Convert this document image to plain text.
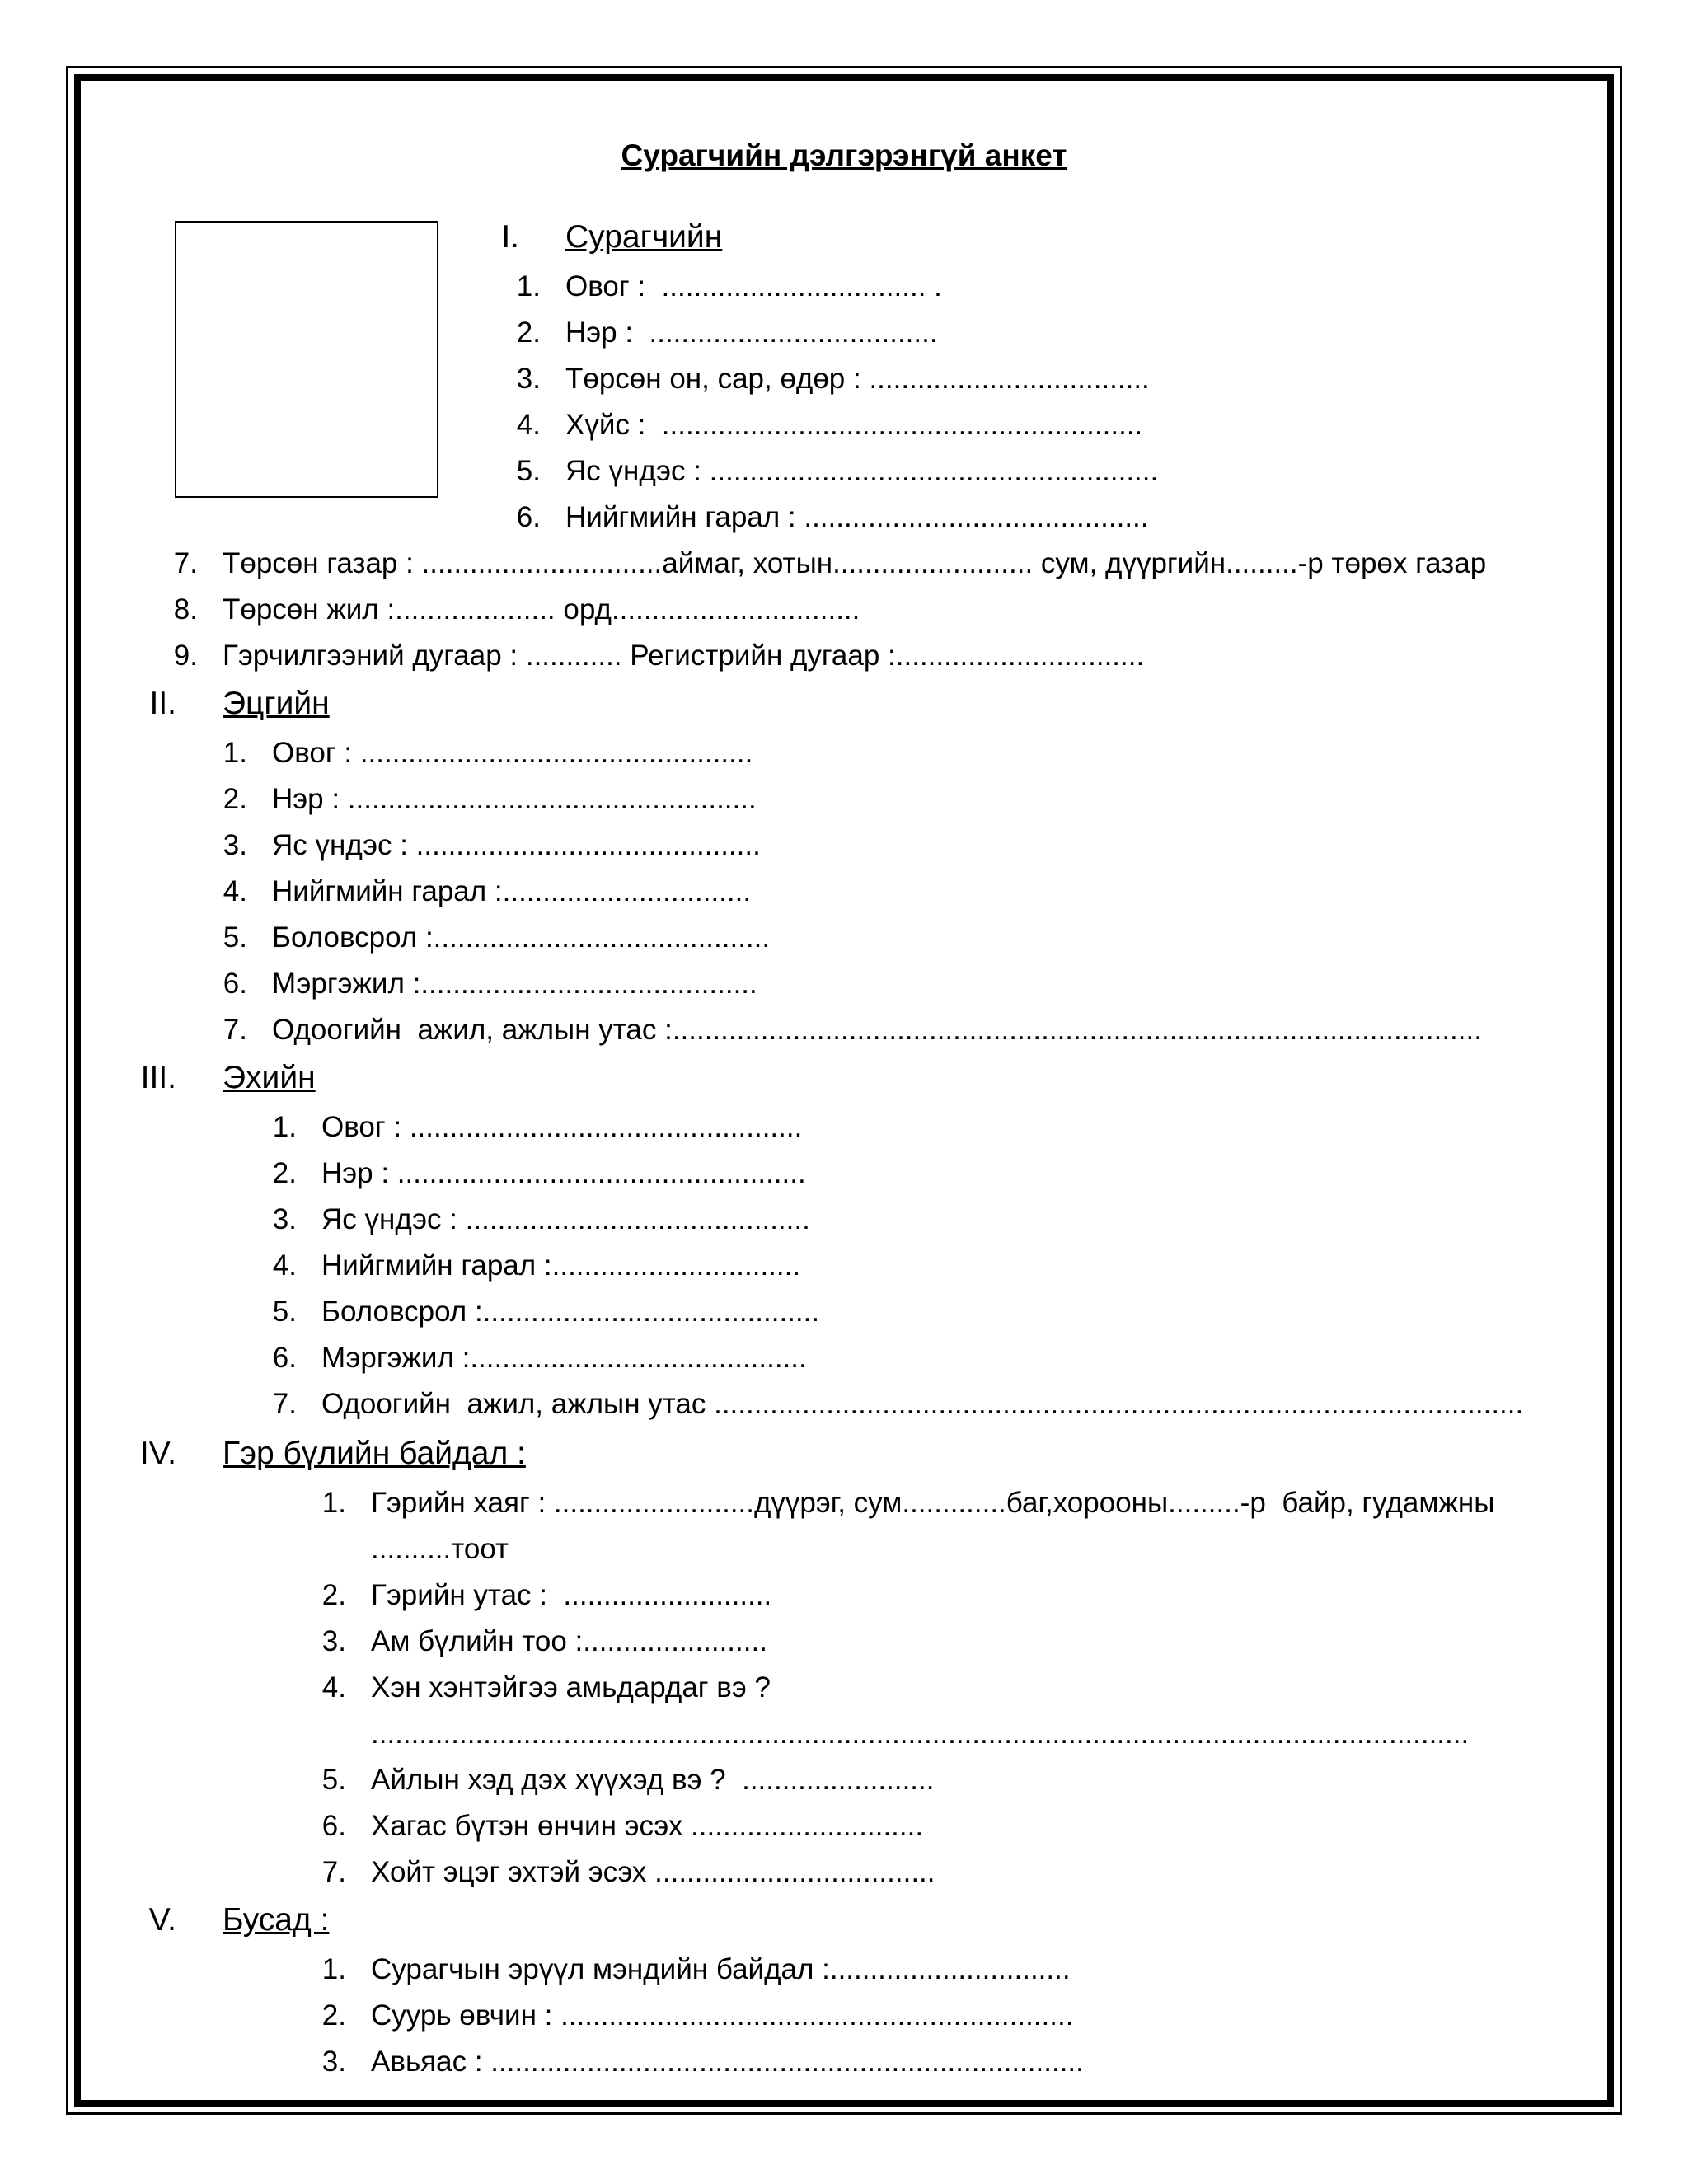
Сурагчийн дэлгэрэнгүй анкет
I. Сурагчийн
1. Овог :  ................................. .
2. Нэр :  ....................................
3. Төрсөн он, сар, өдөр : ...................................
4. Хүйс :  ............................................................
5. Яс үндэс : ........................................................
6. Нийгмийн гарал : ...........................................
7. Төрсөн газар : ..............................аймаг, хотын......................... сум, дүүргийн.........-р төрөх газар
8. Төрсөн жил :.................... орд...............................
9. Гэрчилгээний дугаар : ............ Регистрийн дугаар :...............................
II. Эцгийн
1. Овог : .................................................
2. Нэр : ...................................................
3. Яс үндэс : ...........................................
4. Нийгмийн гарал :...............................
5. Боловсрол :..........................................
6. Мэргэжил :..........................................
7. Одоогийн  ажил, ажлын утас :.....................................................................................................
III. Эхийн
1. Овог : .................................................
2. Нэр : ...................................................
3. Яс үндэс : ...........................................
4. Нийгмийн гарал :...............................
5. Боловсрол :..........................................
6. Мэргэжил :..........................................
7. Одоогийн  ажил, ажлын утас .....................................................................................................
IV. Гэр бүлийн байдал :
1. Гэрийн хаяг : .........................дүүрэг, сум.............баг,хорооны.........-р  байр, гудамжны
..........тоот
2. Гэрийн утас :  ..........................
3. Ам бүлийн тоо :.......................
4. Хэн хэнтэйгээ амьдардаг вэ ?
.........................................................................................................................................
5. Айлын хэд дэх хүүхэд вэ ?  ........................
6. Хагас бүтэн өнчин эсэх .............................
7. Хойт эцэг эхтэй эсэх ...................................
V. Бусад :
1. Сурагчын эрүүл мэндийн байдал :..............................
2. Суурь өвчин : ................................................................
3. Авьяас : ..........................................................................
